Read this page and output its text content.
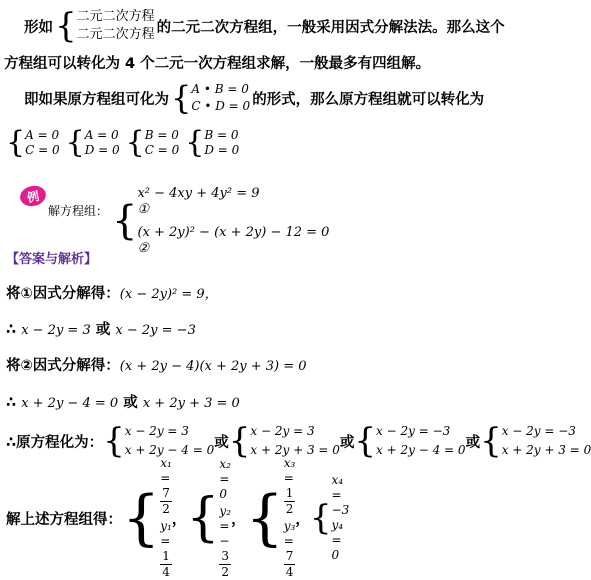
形如 { 二元二次方程
二元二次方程 的二元二次方程组，一般采用因式分解法法。那么这个
方程组可以转化为 4 个二元一次方程组求解，一般最多有四组解。
即如果原方程组可化为 { A • B = 0
C • D = 0 的形式，那么原方程组就可以转化为
{ A = 0
C = 0 { A = 0
D = 0 { B = 0
C = 0 { B = 0
D = 0
例
解方程组： {
x² − 4xy + 4y² = 9
①
(x + 2y)² − (x + 2y) − 12 = 0
②
【答案与解析】
将①因式分解得：(x − 2y)² = 9，
∴ x − 2y = 3 或 x − 2y = −3
将②因式分解得：(x + 2y − 4)(x + 2y + 3) = 0
∴ x + 2y − 4 = 0 或 x + 2y + 3 = 0
∴原方程化为： { x − 2y = 3
x + 2y − 4 = 0 或 { x − 2y = 3
x + 2y + 3 = 0 或 { x − 2y = −3
x + 2y − 4 = 0 或 { x − 2y = −3
x + 2y + 3 = 0
解上述方程组得： {
x₁
=
7
2
y₁
=
1
4
， {
x₂
=
0
y₂
=
−
3
2
， {
x₃
=
1
2
y₃
=
7
4
， {
x₄
=
−3
y₄
=
0
